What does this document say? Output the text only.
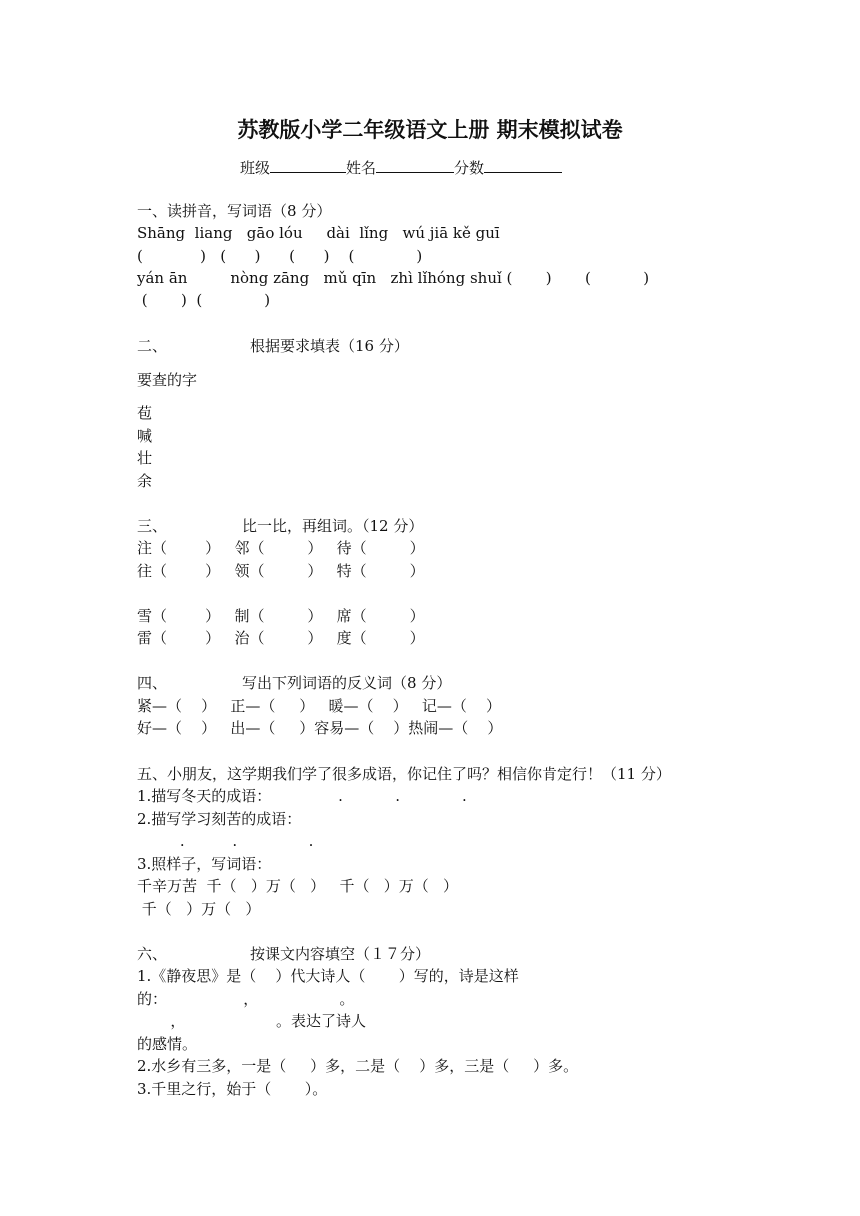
苏教版小学二年级语文上册 期末模拟试卷
班级	姓名	分数
一、读拼音，写词语（8 分）
Shāng  liang   gāo lóu     dài  lǐng   wú jiā kě guī
(            )   (      )      (      )    (             )
yán ān         nòng zāng   mǔ qīn   zhì lǐhóng shuǐ (       )       (           )
(       )  (             )
二、	根据要求填表（16 分）
要查的字
苞
喊
壮
余
三、	比一比，再组词。（12 分）
注（        ）   邻（         ）   待（         ）
往（        ）   领（         ）   特（         ）
雪（        ）   制（         ）   席（         ）
雷（        ）   治（         ）   度（         ）
四、	写出下列词语的反义词（8 分）
紧—（    ）   正—（     ）   暖—（    ）   记—（    ）
好—（    ）   出—（     ）容易—（    ）热闹—（    ）
五、小朋友，这学期我们学了很多成语，你记住了吗？相信你肯定行！（11 分）
1.描写冬天的成语：              .           .             .
2.描写学习刻苦的成语：
.          .               .
3.照样子，写词语：
千辛万苦  千（   ）万（   ）   千（   ）万（   ）
千（   ）万（   ）
六、	按课文内容填空（１７分）
1.《静夜思》是（    ）代大诗人（       ）写的，诗是这样
的：                ，                 。
，                   。表达了诗人
的感情。
2.水乡有三多，一是（     ）多，二是（    ）多，三是（     ）多。
3.千里之行，始于（       ）。
